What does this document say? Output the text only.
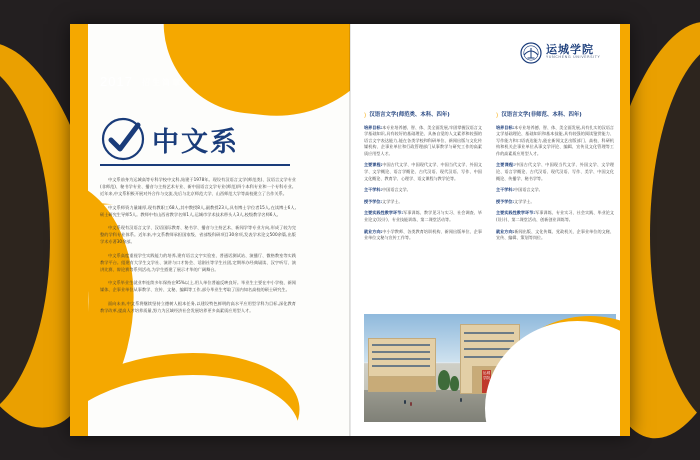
2017 招生简章
中文系

中文系前身为运城高等专科学校中文科,始建于1978年。现设有汉语言文学(师范类)、汉语言文学专业(非师范)、秘书学专业、播音与主持艺术专业、新中国语言文学专业(师范)四个本科专业和一个专科专业。近年来,中文系积极开展对外合作与交流,先后与北京师范大学、山西师范大学等高校建立了合作关系。

中文系师资力量雄厚,现有教职工68人,其中教授8人,副教授23人,具有博士学位者15人,在读博士6人,硕士研究生导师5人。教师中有山西省教学名师1人,运城市学术技术带头人3人,校级教学名师6人。

中文系现有汉语言文学、汉语国际教育、秘书学、播音与主持艺术、新闻学等专业方向,形成了较为完整的学科专业体系。近年来,中文系教师承担国家级、省部级科研项目30余项,发表学术论文500余篇,出版学术专著30余部。

中文系高度重视学生实践能力的培养,建有语言文字实验室、普通话测试站、演播厅、微格教室等实践教学平台。组建有大学生文学社、演讲与口才协会、话剧社等学生社团,定期举办经典诵读、汉字听写、演讲比赛、辩论赛等系列活动,为学生搭建了展示才华的广阔舞台。

中文系毕业生就业率连续多年保持在95%以上,用人单位普遍反映良好。毕业生主要在中小学校、新闻媒体、企事业单位从事教学、宣传、文秘、编辑等工作,部分毕业生考取了国内知名高校的硕士研究生。

面向未来,中文系将继续坚持立德树人根本任务,以建设特色鲜明的高水平应用型学科为目标,深化教育教学改革,提高人才培养质量,努力为区域经济社会发展培养更多高素质应用型人才。

运城学院
YUNCHENG UNIVERSITY
⟩ 汉语言文学(师范类、本科、四年)

培养目标:本专业培养德、智、体、美全面发展,牢固掌握汉语言文学基础知识,具有较好的基础理论、具备自觉的人文素养和较强的语言文字表达能力,能在各类学校和科研单位、新闻出版与文化传媒机构、企事业单位和行政管理部门从事教学与研究工作的高素质应用型人才。

主要课程:中国古代文学、中国现代文学、中国当代文学、外国文学、文学概论、语言学概论、古代汉语、现代汉语、写作、中国文化概论、教育学、心理学、语文课程与教学论等。

主干学科:中国语言文学。

授予学位:文学学士。

主要实践性教学环节:军事训练、教学见习与实习、社会调查、毕业论文(设计)、专业技能训练、第二课堂活动等。

就业方向:中小学教师、各类教育培训机构、新闻出版单位、企事业单位文秘与宣传工作等。

⟩ 汉语言文学(非师范、本科、四年)

培养目标:本专业培养德、智、体、美全面发展,具有扎实的汉语言文学基础理论、基础知识和基本技能,具有较强的阅读鉴赏能力、写作能力和口语表达能力,能在新闻文艺出版部门、高校、科研机构和机关企事业单位从事文学评论、编辑、宣传及文化管理等工作的高素质应用型人才。

主要课程:中国古代文学、中国现当代文学、外国文学、文学理论、语言学概论、古代汉语、现代汉语、写作、美学、中国文化概论、传播学、秘书学等。

主干学科:中国语言文学。

授予学位:文学学士。

主要实践性教学环节:军事训练、专业实习、社会实践、毕业论文(设计)、第二课堂活动、创新创业训练等。

就业方向:新闻出版、文化传媒、党政机关、企事业单位的文秘、宣传、编辑、策划等岗位。

运城学院
